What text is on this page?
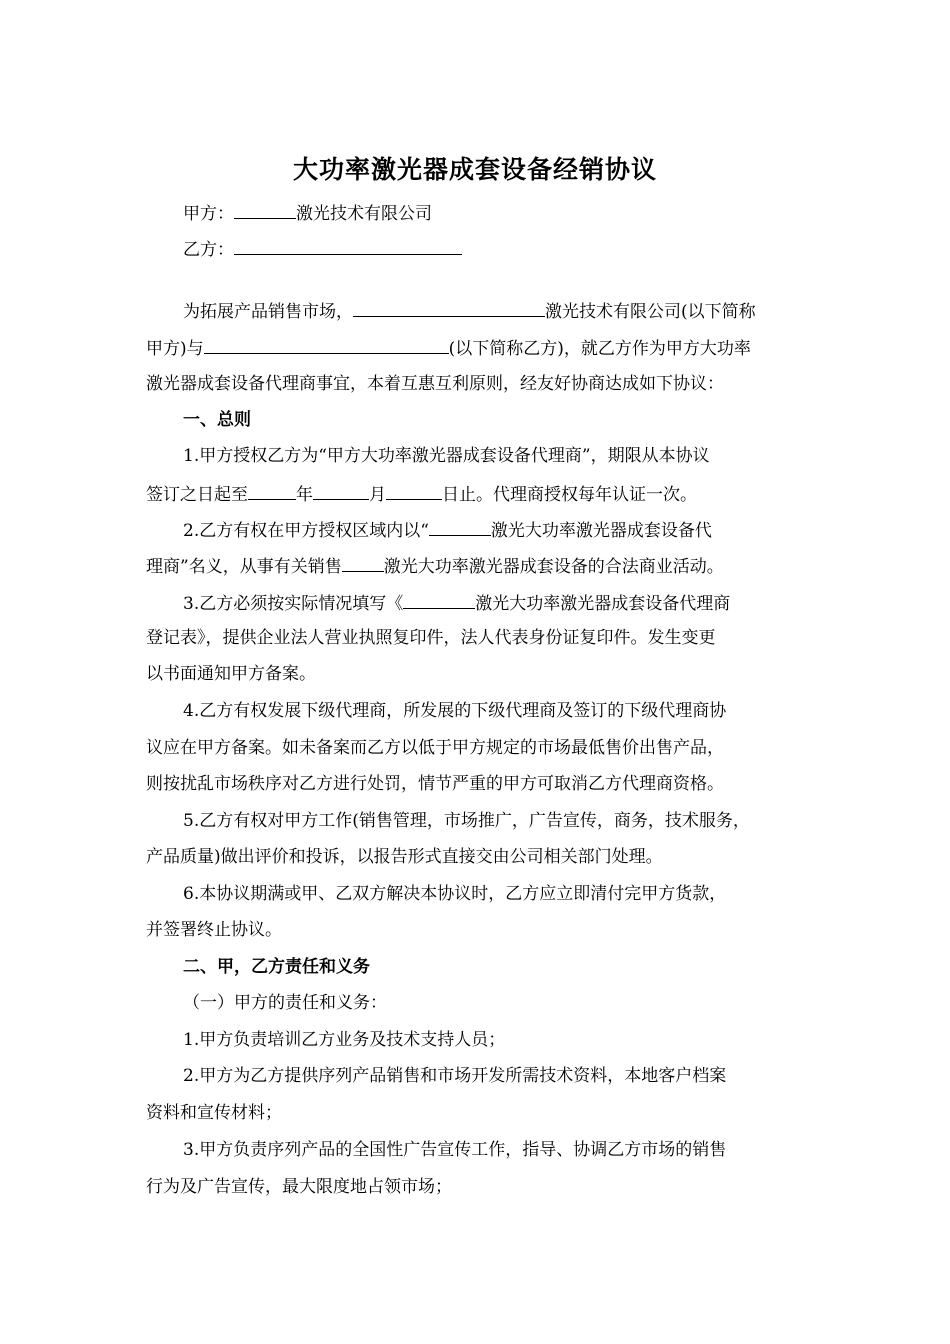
大功率激光器成套设备经销协议
甲方：	激光技术有限公司
乙方：
为拓展产品销售市场，	激光技术有限公司(以下简称
甲方)与	(以下简称乙方)，就乙方作为甲方大功率
激光器成套设备代理商事宜，本着互惠互利原则，经友好协商达成如下协议：
一、总则
1.甲方授权乙方为“甲方大功率激光器成套设备代理商”，期限从本协议
签订之日起至	年	月	日止。代理商授权每年认证一次。
2.乙方有权在甲方授权区域内以“	激光大功率激光器成套设备代
理商”名义，从事有关销售 激光大功率激光器成套设备的合法商业活动。
3.乙方必须按实际情况填写《	激光大功率激光器成套设备代理商
登记表》，提供企业法人营业执照复印件，法人代表身份证复印件。发生变更
以书面通知甲方备案。
4.乙方有权发展下级代理商，所发展的下级代理商及签订的下级代理商协
议应在甲方备案。如未备案而乙方以低于甲方规定的市场最低售价出售产品，
则按扰乱市场秩序对乙方进行处罚，情节严重的甲方可取消乙方代理商资格。
5.乙方有权对甲方工作(销售管理，市场推广，广告宣传，商务，技术服务，
产品质量)做出评价和投诉，以报告形式直接交由公司相关部门处理。
6.本协议期满或甲、乙双方解决本协议时，乙方应立即清付完甲方货款，
并签署终止协议。
二、甲，乙方责任和义务
（一）甲方的责任和义务：
1.甲方负责培训乙方业务及技术支持人员；
2.甲方为乙方提供序列产品销售和市场开发所需技术资料，本地客户档案
资料和宣传材料；
3.甲方负责序列产品的全国性广告宣传工作，指导、协调乙方市场的销售
行为及广告宣传，最大限度地占领市场；
